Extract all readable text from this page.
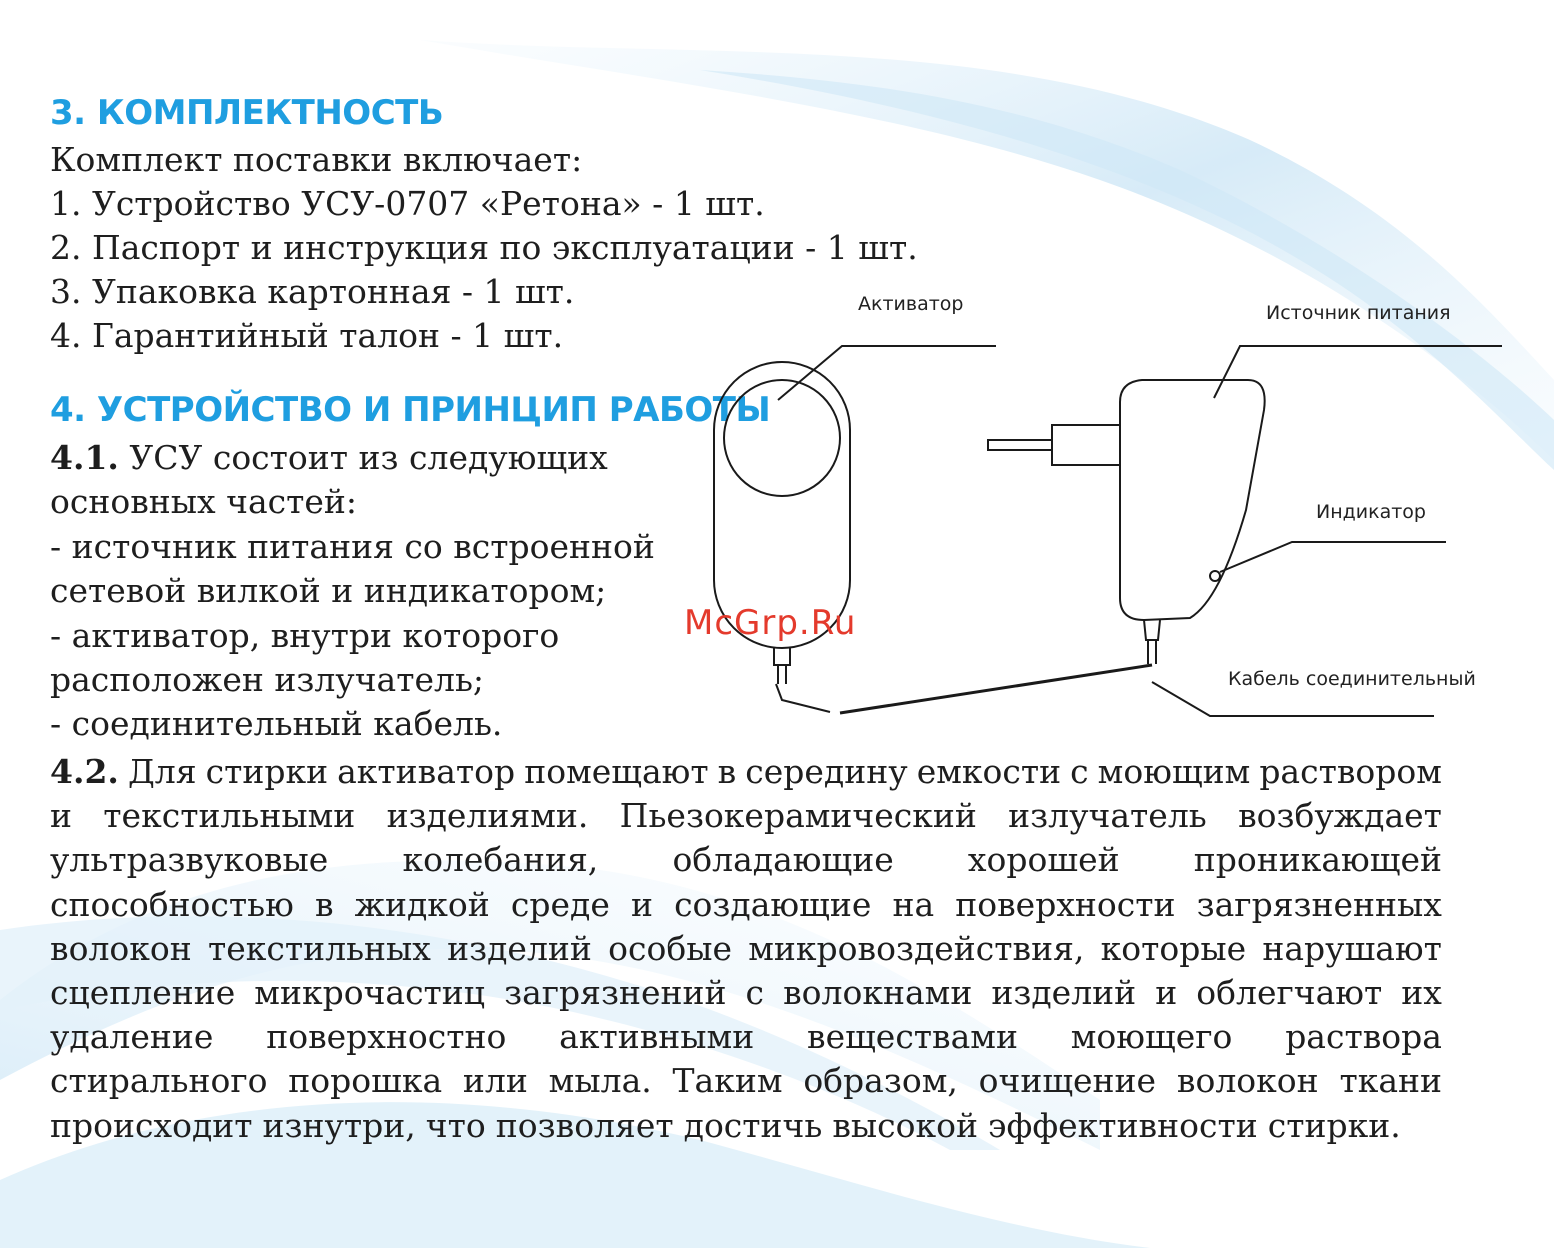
3. КОМПЛЕКТНОСТЬ
Комплект поставки включает:
1. Устройство УСУ-0707 «Ретона» - 1 шт.
2. Паспорт и инструкция по эксплуатации - 1 шт.
3. Упаковка картонная - 1 шт.
4. Гарантийный талон - 1 шт.
4. УСТРОЙСТВО И ПРИНЦИП РАБОТЫ
4.1. УСУ состоит из следующих
основных частей:
- источник питания со встроенной
сетевой вилкой и индикатором;
- активатор, внутри которого
расположен излучатель;
- соединительный кабель.
4.2. Для стирки активатор помещают в середину емкости с моющим раствором
и текстильными изделиями. Пьезокерамический излучатель возбуждает
ультразвуковые колебания, обладающие хорошей проникающей
способностью в жидкой среде и создающие на поверхности загрязненных
волокон текстильных изделий особые микровоздействия, которые нарушают
сцепление микрочастиц загрязнений с волокнами изделий и облегчают их
удаление поверхностно активными веществами моющего раствора
стирального порошка или мыла. Таким образом, очищение волокон ткани
происходит изнутри, что позволяет достичь высокой эффективности стирки.
Активатор	Источник питания
Индикатор
Кабель соединительный
McGrp.Ru
